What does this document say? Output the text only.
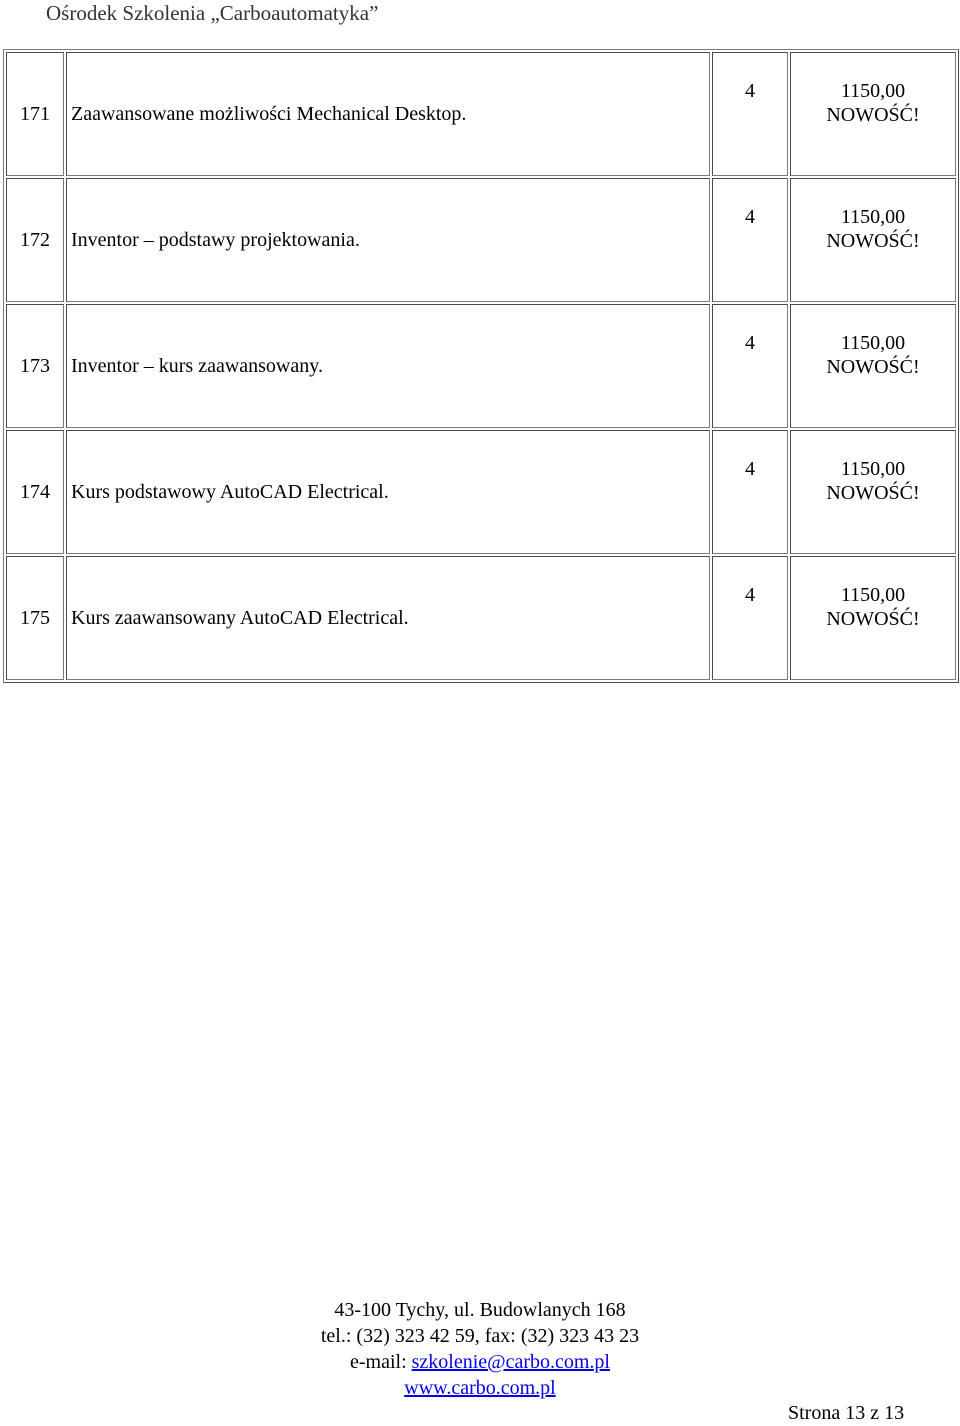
Ośrodek Szkolenia „Carboautomatyka”
171	Zaawansowane możliwości Mechanical Desktop.	4	1150,00
NOWOŚĆ!

172	Inventor – podstawy projektowania.	4	1150,00
NOWOŚĆ!

173	Inventor – kurs zaawansowany.	4	1150,00
NOWOŚĆ!

174	Kurs podstawowy AutoCAD Electrical.	4	1150,00
NOWOŚĆ!

175	Kurs zaawansowany AutoCAD Electrical.	4	1150,00
NOWOŚĆ!
43-100 Tychy, ul. Budowlanych 168
tel.: (32) 323 42 59, fax: (32) 323 43 23
e-mail: szkolenie@carbo.com.pl
www.carbo.com.pl
Strona 13 z 13
